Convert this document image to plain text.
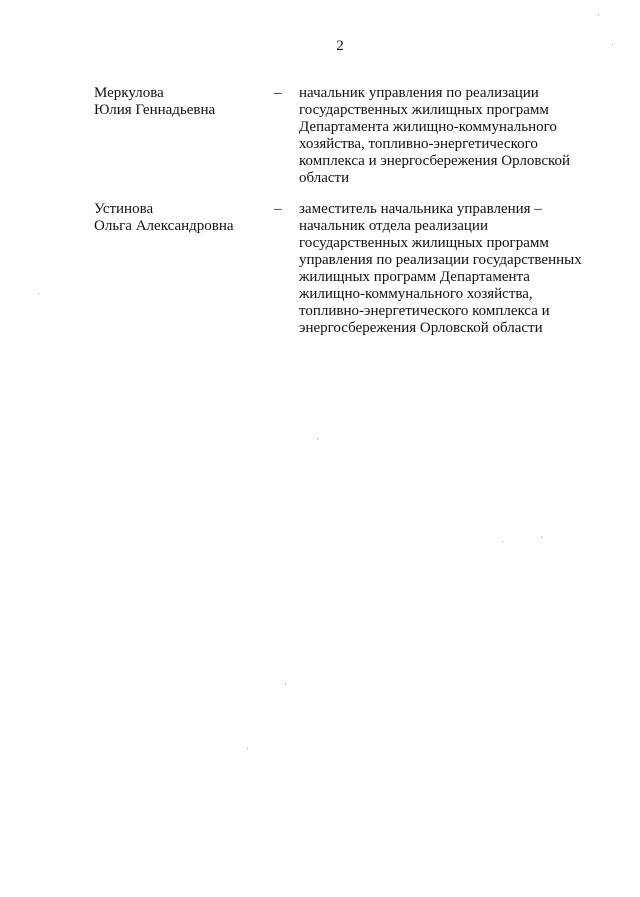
2
Меркулова
Юлия Геннадьевна
– начальник управления по реализации
государственных жилищных программ
Департамента жилищно-коммунального
хозяйства, топливно-энергетического
комплекса и энергосбережения Орловской
области
Устинова
Ольга Александровна
– заместитель начальника управления –
начальник отдела реализации
государственных жилищных программ
управления по реализации государственных
жилищных программ Департамента
жилищно-коммунального хозяйства,
топливно-энергетического комплекса и
энергосбережения Орловской области
